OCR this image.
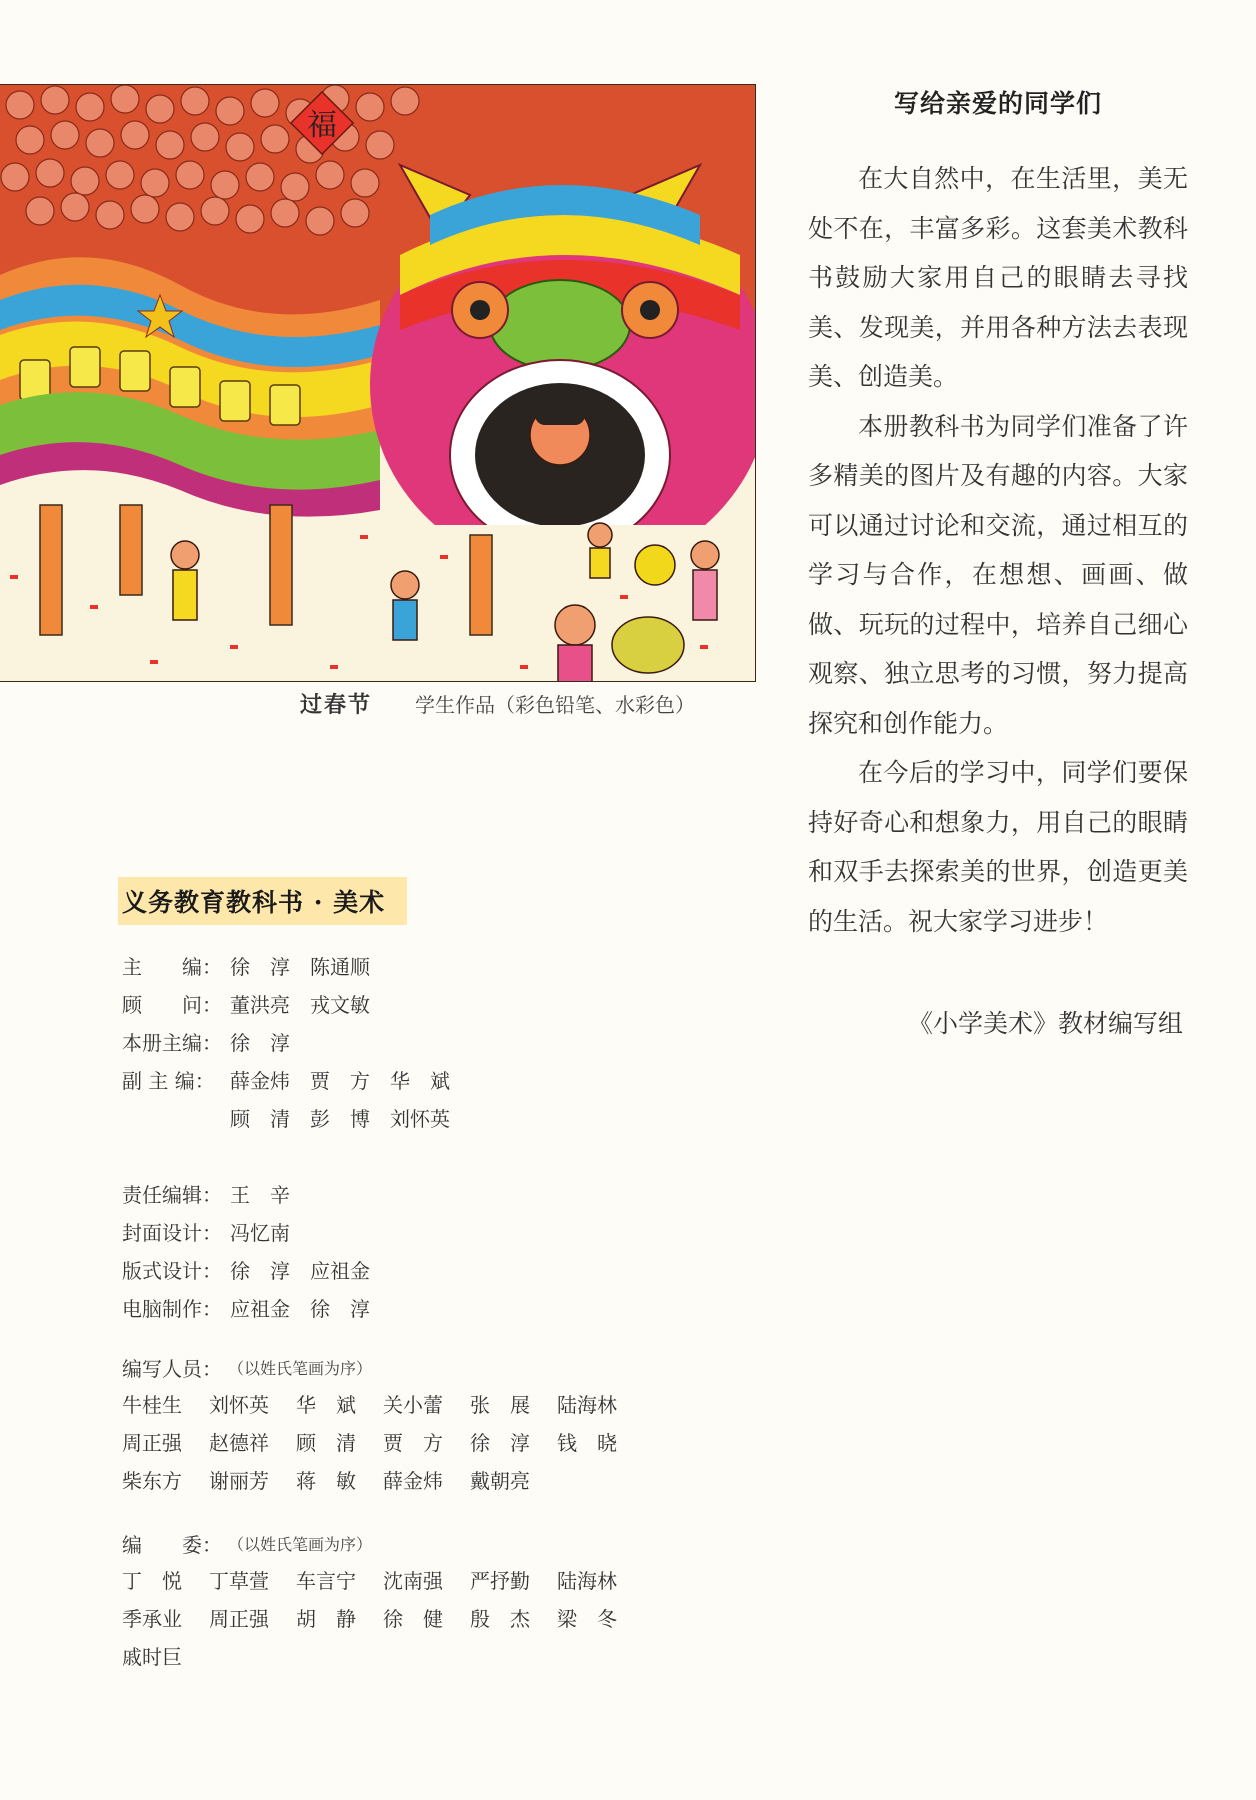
福
过春节 学生作品（彩色铅笔、水彩色）
写给亲爱的同学们

在大自然中，在生活里，美无处不在，丰富多彩。这套美术教科书鼓励大家用自己的眼睛去寻找美、发现美，并用各种方法去表现美、创造美。

本册教科书为同学们准备了许多精美的图片及有趣的内容。大家可以通过讨论和交流，通过相互的学习与合作，在想想、画画、做做、玩玩的过程中，培养自己细心观察、独立思考的习惯，努力提高探究和创作能力。

在今后的学习中，同学们要保持好奇心和想象力，用自己的眼睛和双手去探索美的世界，创造更美的生活。祝大家学习进步！

《小学美术》教材编写组
义务教育教科书 · 美术
主　　编： 徐　淳　陈通顺
顾　　问： 董洪亮　戎文敏
本册主编： 徐　淳
副 主 编： 薛金炜　贾　方　华　斌
顾　清　彭　博　刘怀英
责任编辑： 王　辛
封面设计： 冯忆南
版式设计： 徐　淳　应祖金
电脑制作： 应祖金　徐　淳
编写人员： （以姓氏笔画为序）
牛桂生	刘怀英	华　斌	关小蕾	张　展	陆海林
周正强	赵德祥	顾　清	贾　方	徐　淳	钱　晓
柴东方	谢丽芳	蒋　敏	薛金炜	戴朝亮
编　　委： （以姓氏笔画为序）
丁　悦	丁草萱	车言宁	沈南强	严抒勤	陆海林
季承业	周正强	胡　静	徐　健	殷　杰	梁　冬
戚时巨
